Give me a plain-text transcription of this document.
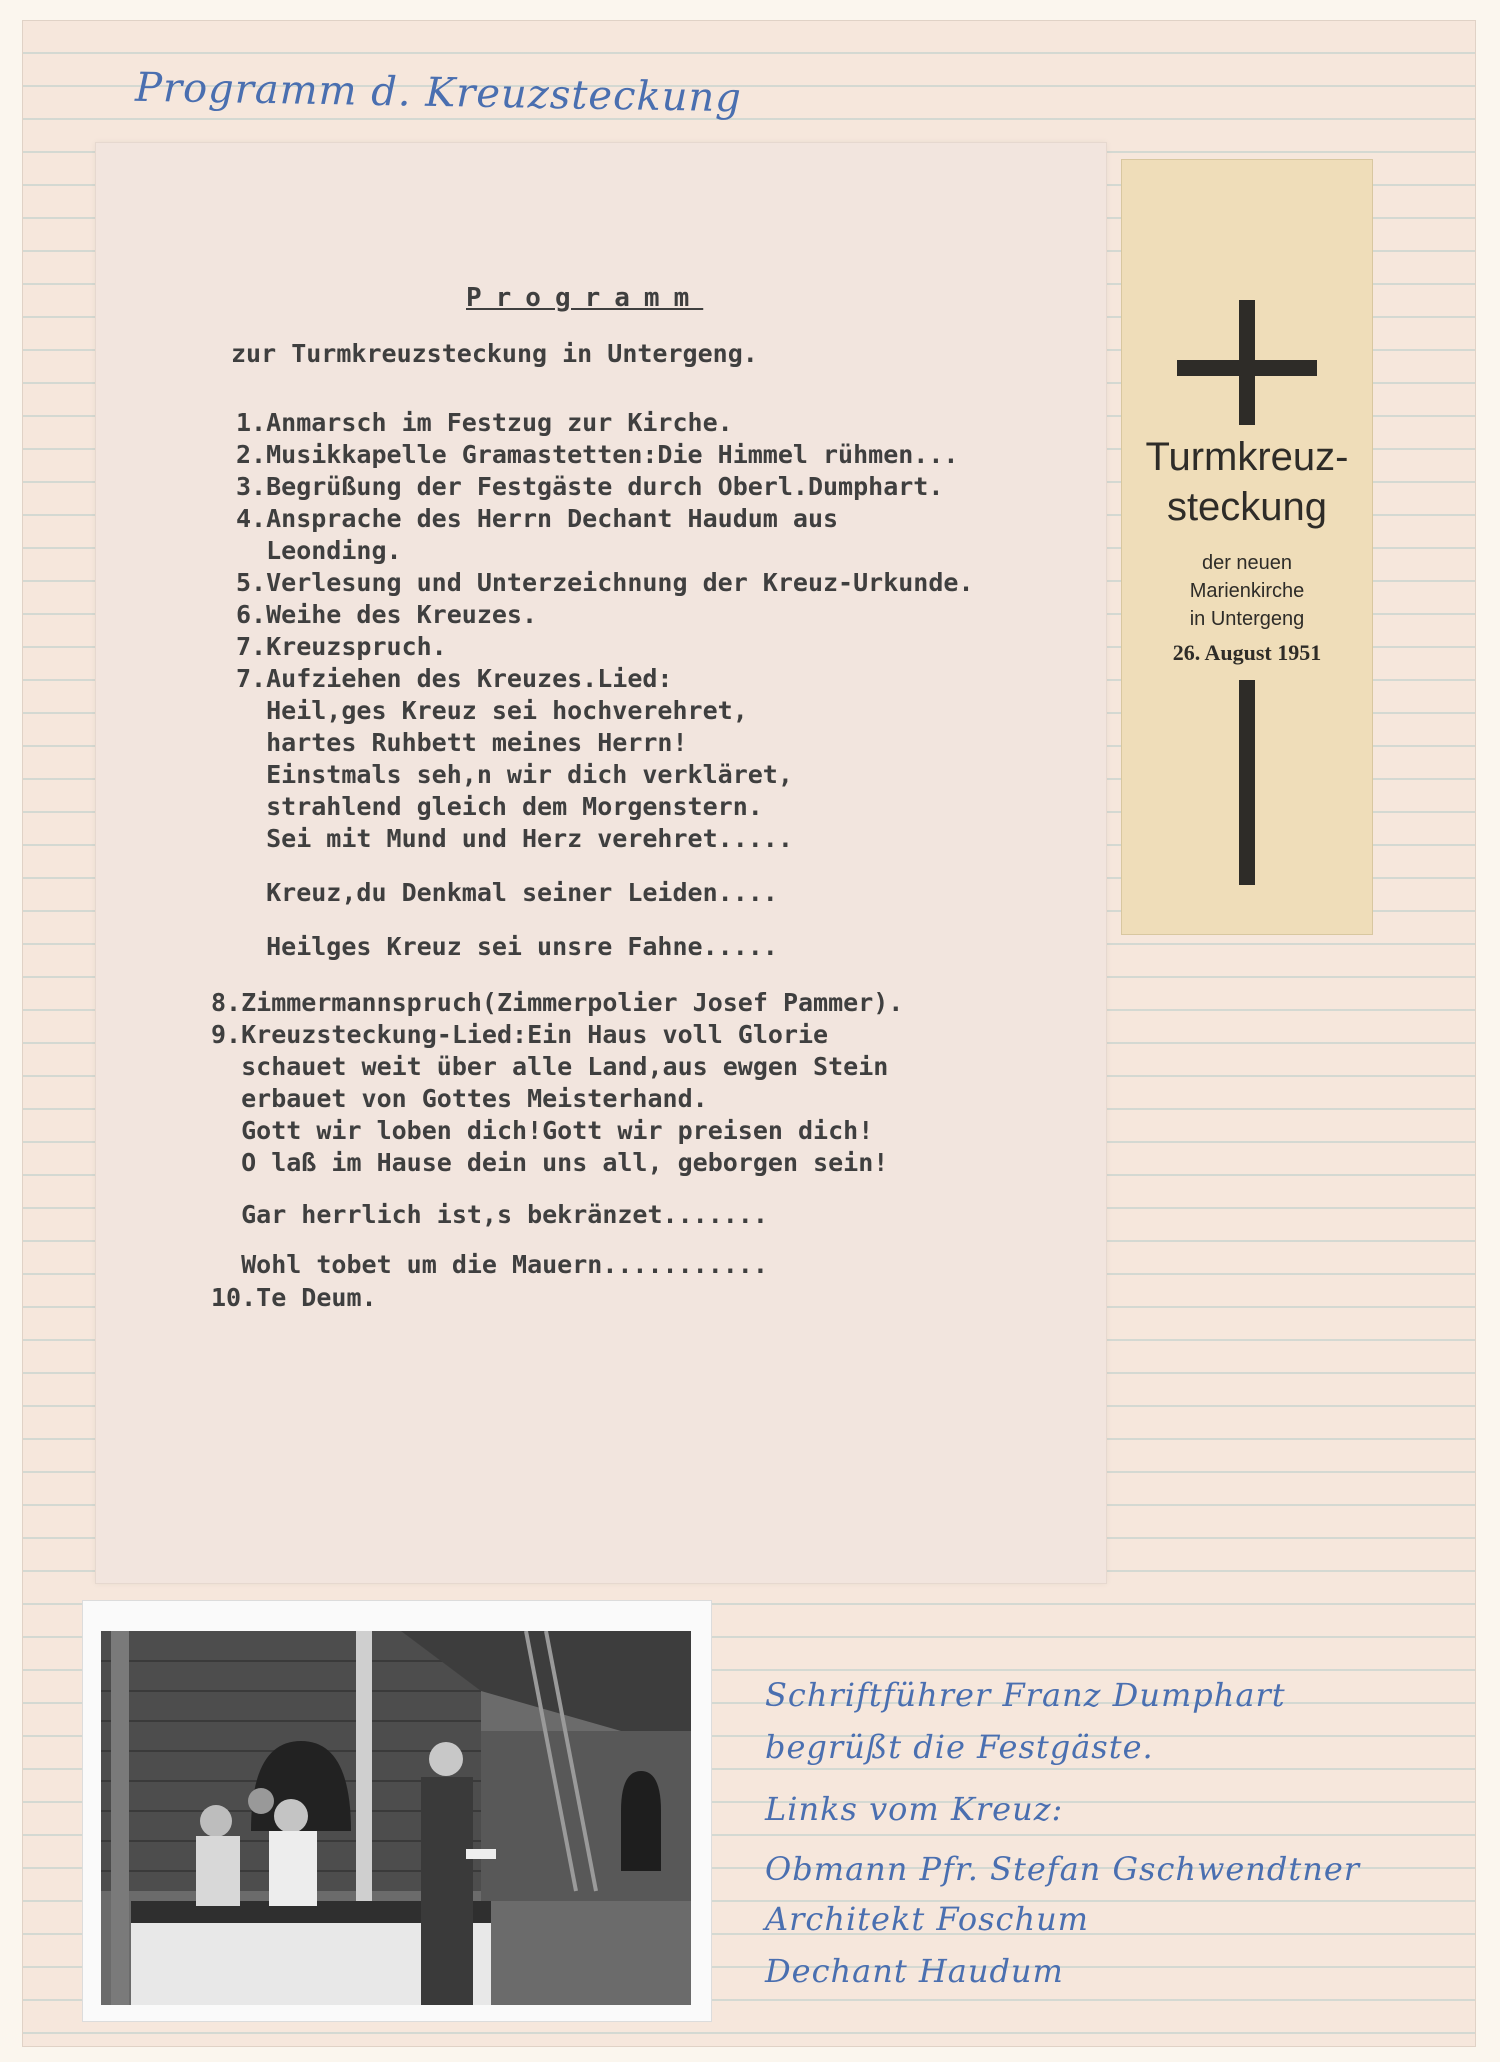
Programm d. Kreuzsteckung
Programm
zur Turmkreuzsteckung in Untergeng.
1.Anmarsch im Festzug zur Kirche.
2.Musikkapelle Gramastetten:Die Himmel rühmen...
3.Begrüßung der Festgäste durch Oberl.Dumphart.
4.Ansprache des Herrn Dechant Haudum aus
Leonding.
5.Verlesung und Unterzeichnung der Kreuz-Urkunde.
6.Weihe des Kreuzes.
7.Kreuzspruch.
7.Aufziehen des Kreuzes.Lied:
Heil,ges Kreuz sei hochverehret,
hartes Ruhbett meines Herrn!
Einstmals seh,n wir dich verkläret,
strahlend gleich dem Morgenstern.
Sei mit Mund und Herz verehret.....
Kreuz,du Denkmal seiner Leiden....
Heilges Kreuz sei unsre Fahne.....
8.Zimmermannspruch(Zimmerpolier Josef Pammer).
9.Kreuzsteckung-Lied:Ein Haus voll Glorie
schauet weit über alle Land,aus ewgen Stein
erbauet von Gottes Meisterhand.
Gott wir loben dich!Gott wir preisen dich!
O laß im Hause dein uns all, geborgen sein!
Gar herrlich ist,s bekränzet.......
Wohl tobet um die Mauern...........
10.Te Deum.
Turmkreuz-
steckung
der neuen
Marienkirche
in Untergeng
26. August 1951
Schriftführer Franz Dumphart
begrüßt die Festgäste.
Links vom Kreuz:
Obmann Pfr. Stefan Gschwendtner
Architekt Foschum
Dechant Haudum
